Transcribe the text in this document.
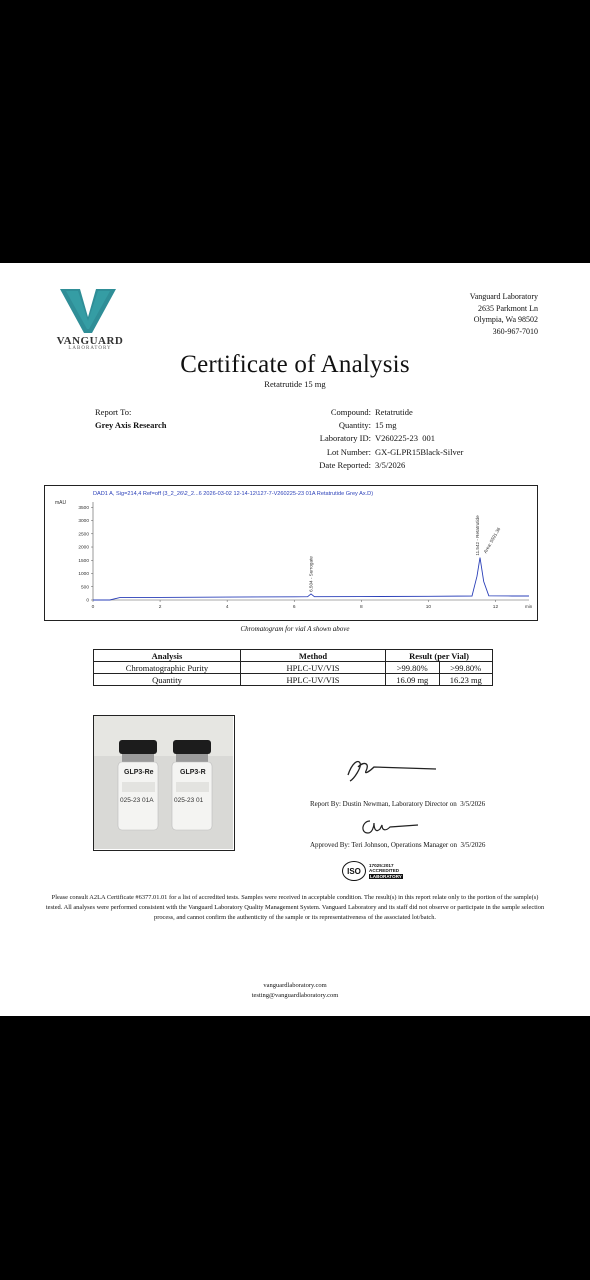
VANGUARD
LABORATORY
Vanguard Laboratory
2635 Parkmont Ln
Olympia, Wa 98502
360-967-7010
Certificate of Analysis
Retatrutide 15 mg
Report To:
Grey Axis Research
Compound: Retatrutide
Quantity: 15 mg
Laboratory ID: V260225-23  001
Lot Number: GX-GLPR15Black-Silver
Date Reported: 3/5/2026
DAD1 A, Sig=214,4 Ref=off (3_2_26\2_2...6 2026-03-02 12-14-12\127-7-V260225-23 01A Retatrutide Grey Ax.D)
mAU
0
500
1000
1500
2000
2500
3000
3500
0	2	4	6	8	10	12
6.504 - Surrogate
11.542 - Retatrutide Area: 5591.36
min
Chromatogram for vial A shown above
Analysis	Method	Result (per Vial)	
Chromatographic Purity	HPLC-UV/VIS	>99.80%	>99.80%
Quantity	HPLC-UV/VIS	16.09 mg	16.23 mg
GLP3-Re
025-23 01A
GLP3-R
025-23 01	Report By: Dustin Newman, Laboratory Director on 3/5/2026
Approved By: Teri Johnson, Operations Manager on 3/5/2026
ISO
17025:2017
ACCREDITED
LABORATORY
Please consult A2LA Certificate #6377.01.01 for a list of accredited tests. Samples were received in acceptable condition. The result(s) in this report relate only to the portion of the sample(s) tested. All analyses were performed consistent with the Vanguard Laboratory Quality Management System. Vanguard Laboratory and its staff did not observe or participate in the sample selection process, and cannot confirm the authenticity of the sample or its representativeness of the associated lot/batch.
vanguardlaboratory.com
testing@vanguardlaboratory.com
